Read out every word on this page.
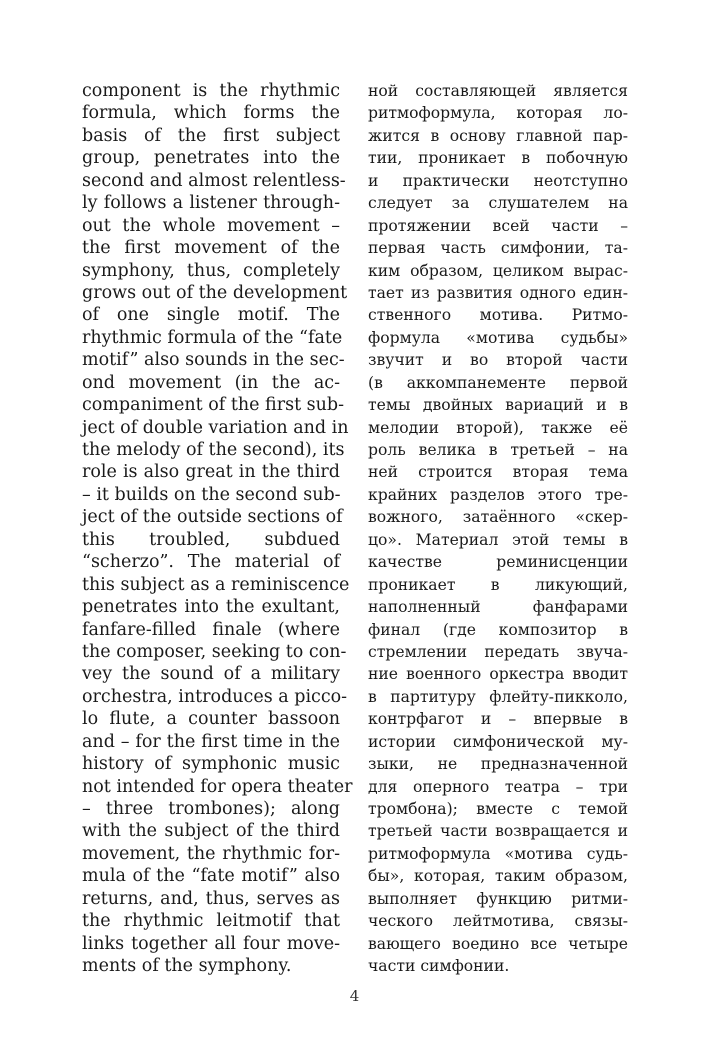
component is the rhythmic
formula, which forms the
basis of the first subject
group, penetrates into the
second and almost relentless-
ly follows a listener through-
out the whole movement –
the first movement of the
symphony, thus, completely
grows out of the development
of one single motif. The
rhythmic formula of the “fate
motif” also sounds in the sec-
ond movement (in the ac-
companiment of the first sub-
ject of double variation and in
the melody of the second), its
role is also great in the third
– it builds on the second sub-
ject of the outside sections of
this troubled, subdued
“scherzo”. The material of
this subject as a reminiscence
penetrates into the exultant,
fanfare-filled finale (where
the composer, seeking to con-
vey the sound of a military
orchestra, introduces a picco-
lo flute, a counter bassoon
and – for the first time in the
history of symphonic music
not intended for opera theater
– three trombones); along
with the subject of the third
movement, the rhythmic for-
mula of the “fate motif” also
returns, and, thus, serves as
the rhythmic leitmotif that
links together all four move-
ments of the symphony.
ной составляющей является
ритмоформула, которая ло-
жится в основу главной пар-
тии, проникает в побочную
и практически неотступно
следует за слушателем на
протяжении всей части –
первая часть симфонии, та-
ким образом, целиком вырас-
тает из развития одного един-
ственного мотива. Ритмо-
формула «мотива судьбы»
звучит и во второй части
(в аккомпанементе первой
темы двойных вариаций и в
мелодии второй), также её
роль велика в третьей – на
ней строится вторая тема
крайних разделов этого тре-
вожного, затаённого «скер-
цо». Материал этой темы в
качестве реминисценции
проникает в ликующий,
наполненный фанфарами
финал (где композитор в
стремлении передать звуча-
ние военного оркестра вводит
в партитуру флейту-пикколо,
контрфагот и – впервые в
истории симфонической му-
зыки, не предназначенной
для оперного театра – три
тромбона); вместе с темой
третьей части возвращается и
ритмоформула «мотива судь-
бы», которая, таким образом,
выполняет функцию ритми-
ческого лейтмотива, связы-
вающего воедино все четыре
части симфонии.
4
